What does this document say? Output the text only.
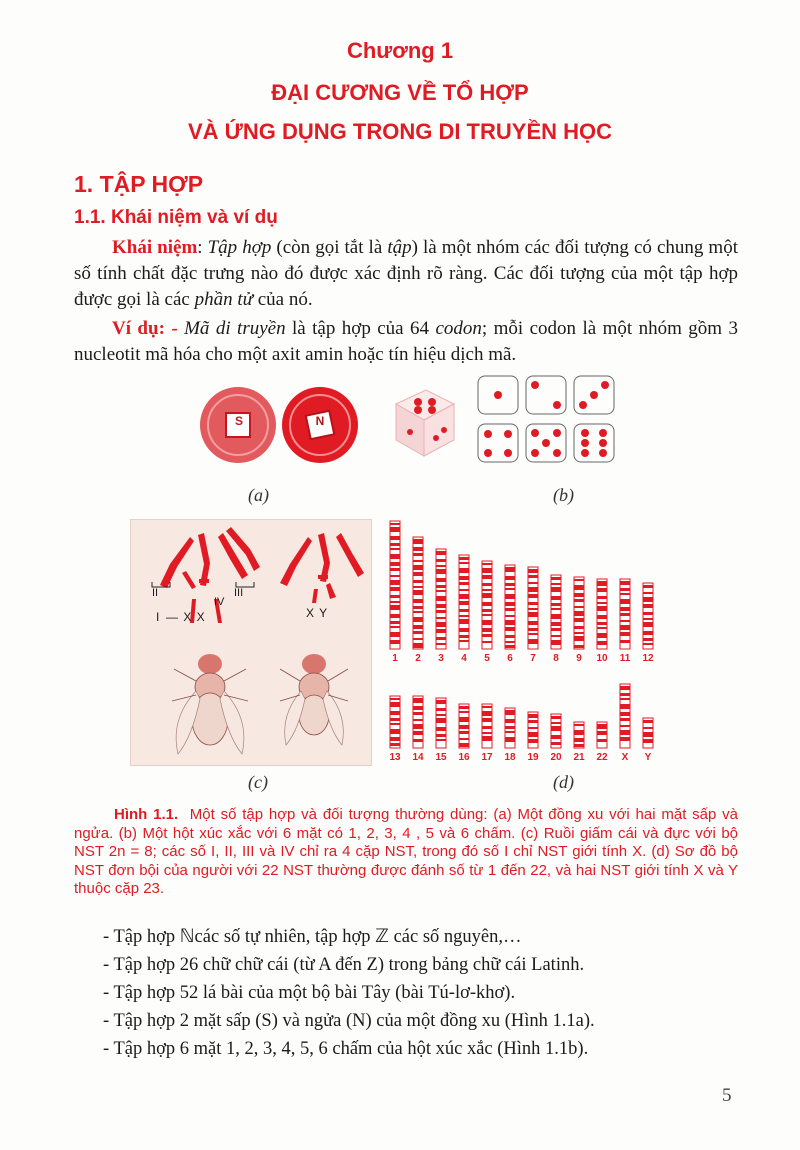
Chương 1
ĐẠI CƯƠNG VỀ TỔ HỢP
VÀ ỨNG DỤNG TRONG DI TRUYỀN HỌC
1. TẬP HỢP
1.1. Khái niệm và ví dụ
Khái niệm: Tập hợp (còn gọi tắt là tập) là một nhóm các đối tượng có chung một số tính chất đặc trưng nào đó được xác định rõ ràng. Các đối tượng của một tập hợp được gọi là các phần tử của nó.
Ví dụ: - Mã di truyền là tập hợp của 64 codon; mỗi codon là một nhóm gồm 3 nucleotit mã hóa cho một axit amin hoặc tín hiệu dịch mã.
S	N
(a)	(b)
II
IV
III
I — X X	X Y
1 2 3 4 5 6 7 8 9 10 11 12
13 14 15 16 17 18 19 20 21 22 X Y
(c)	(d)
Hình 1.1. Một số tập hợp và đối tượng thường dùng: (a) Một đồng xu với hai mặt sấp và ngửa. (b) Một hột xúc xắc với 6 mặt có 1, 2, 3, 4 , 5 và 6 chấm. (c) Ruồi giấm cái và đực với bộ NST 2n = 8; các số I, II, III và IV chỉ ra 4 cặp NST, trong đó số I chỉ NST giới tính X. (d) Sơ đồ bộ NST đơn bội của người với 22 NST thường được đánh số từ 1 đến 22, và hai NST giới tính X và Y thuộc cặp 23.
- Tập hợp ℕcác số tự nhiên, tập hợp ℤ các số nguyên,…
- Tập hợp 26 chữ chữ cái (từ A đến Z) trong bảng chữ cái Latinh.
- Tập hợp 52 lá bài của một bộ bài Tây (bài Tú-lơ-khơ).
- Tập hợp 2 mặt sấp (S) và ngửa (N) của một đồng xu (Hình 1.1a).
- Tập hợp 6 mặt 1, 2, 3, 4, 5, 6 chấm của hột xúc xắc (Hình 1.1b).
5
